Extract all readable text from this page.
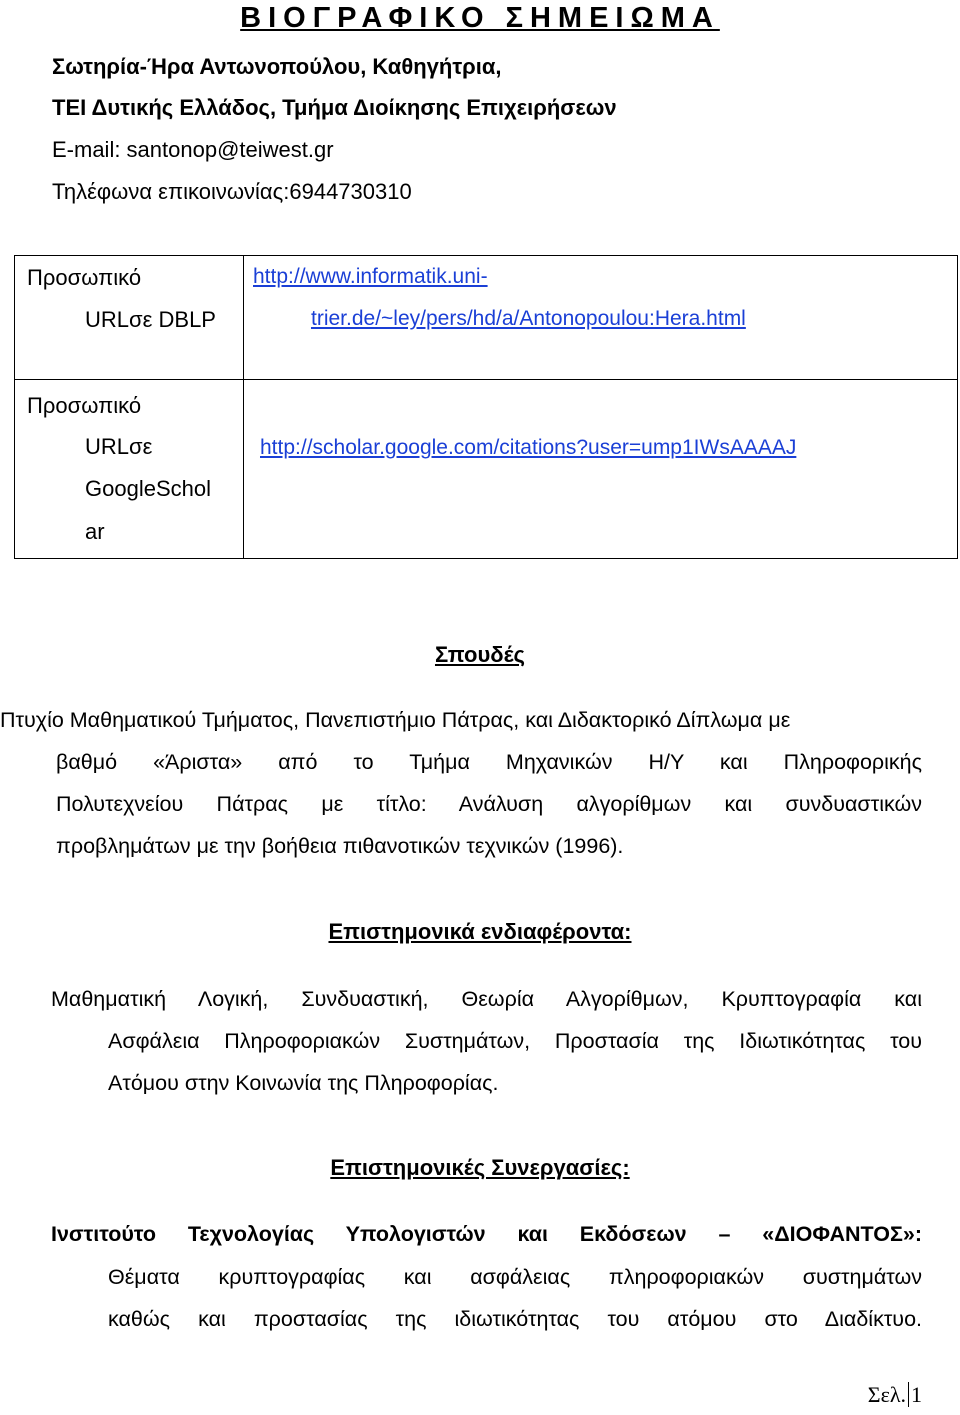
ΒΙΟΓΡΑΦΙΚΟ ΣΗΜΕΙΩΜΑ
Σωτηρία-Ήρα Αντωνοπούλου, Καθηγήτρια,
ΤΕΙ Δυτικής Ελλάδος, Τμήμα Διοίκησης Επιχειρήσεων
E-mail: santonop@teiwest.gr
Τηλέφωνα επικοινωνίας:6944730310
Προσωπικό
URLσε DBLP
http://www.informatik.uni-
trier.de/~ley/pers/hd/a/Antonopoulou:Hera.html
Προσωπικό
URLσε
GoogleSchol
ar
http://scholar.google.com/citations?user=ump1IWsAAAAJ
Σπουδές
Πτυχίο Μαθηματικού Τμήματος, Πανεπιστήμιο Πάτρας, και Διδακτορικό Δίπλωμα με
βαθμό «Άριστα» από το Τμήμα Μηχανικών Η/Υ και Πληροφορικής
Πολυτεχνείου Πάτρας με τίτλο: Ανάλυση αλγορίθμων και συνδυαστικών
προβλημάτων με την βοήθεια πιθανοτικών τεχνικών (1996).
Επιστημονικά ενδιαφέροντα:
Μαθηματική Λογική, Συνδυαστική, Θεωρία Αλγορίθμων, Κρυπτογραφία και
Ασφάλεια Πληροφοριακών Συστημάτων, Προστασία της Ιδιωτικότητας του
Ατόμου στην Κοινωνία της Πληροφορίας.
Επιστημονικές Συνεργασίες:
Ινστιτούτο Τεχνολογίας Υπολογιστών και Εκδόσεων – «ΔΙΟΦΑΝΤΟΣ»:
Θέματα κρυπτογραφίας και ασφάλειας πληροφοριακών συστημάτων
καθώς και προστασίας της ιδιωτικότητας του ατόμου στο Διαδίκτυο.
Σελ. 1
